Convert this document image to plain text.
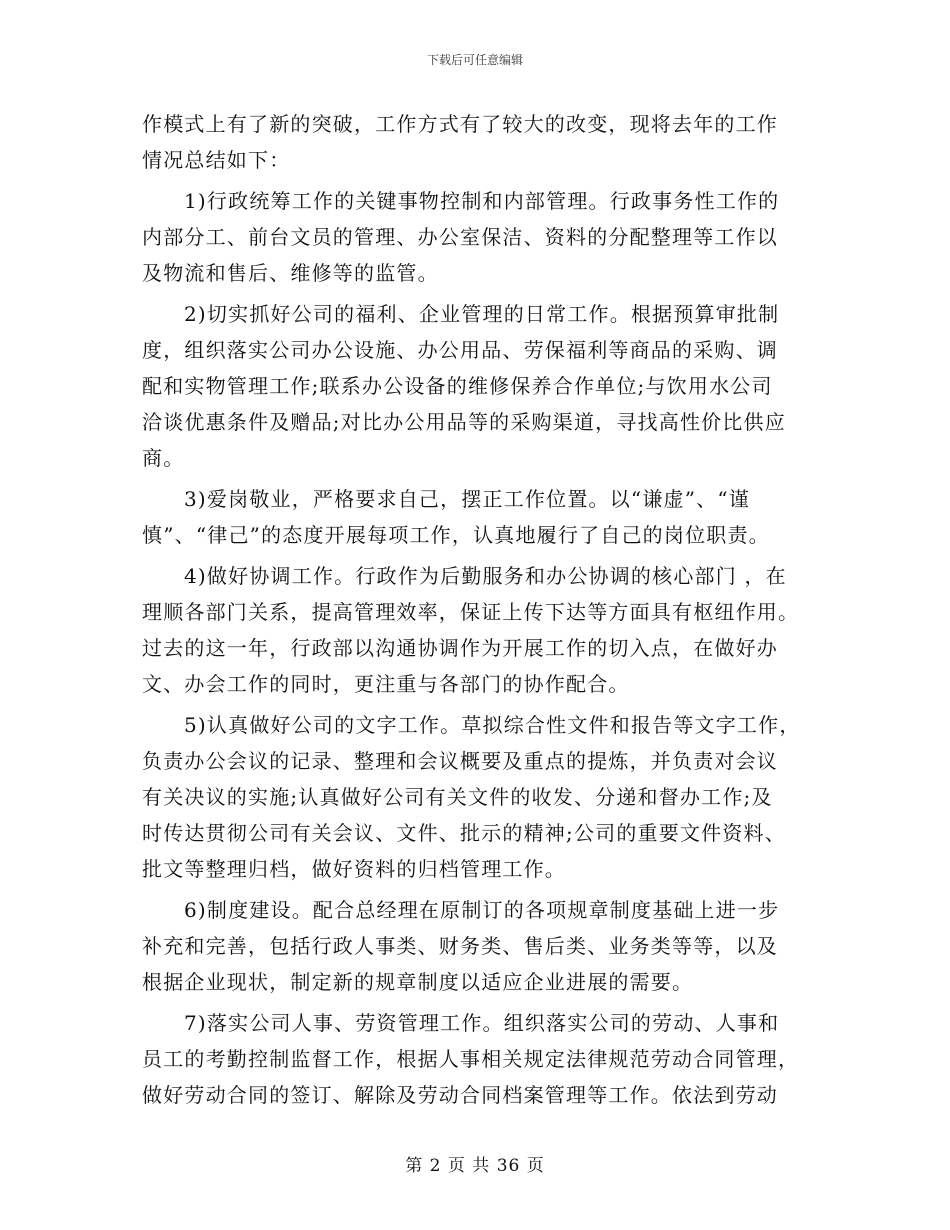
下载后可任意编辑
作模式上有了新的突破，工作方式有了较大的改变，现将去年的工作
情况总结如下：
1)行政统筹工作的关键事物控制和内部管理。行政事务性工作的
内部分工、前台文员的管理、办公室保洁、资料的分配整理等工作以
及物流和售后、维修等的监管。
2)切实抓好公司的福利、企业管理的日常工作。根据预算审批制
度，组织落实公司办公设施、办公用品、劳保福利等商品的采购、调
配和实物管理工作;联系办公设备的维修保养合作单位;与饮用水公司
洽谈优惠条件及赠品;对比办公用品等的采购渠道，寻找高性价比供应
商。
3)爱岗敬业，严格要求自己，摆正工作位置。以“谦虚”、“谨
慎”、“律己”的态度开展每项工作，认真地履行了自己的岗位职责。
4)做好协调工作。行政作为后勤服务和办公协调的核心部门 ，在
理顺各部门关系，提高管理效率，保证上传下达等方面具有枢纽作用。
过去的这一年，行政部以沟通协调作为开展工作的切入点，在做好办
文、办会工作的同时，更注重与各部门的协作配合。
5)认真做好公司的文字工作。草拟综合性文件和报告等文字工作，
负责办公会议的记录、整理和会议概要及重点的提炼，并负责对会议
有关决议的实施;认真做好公司有关文件的收发、分递和督办工作;及
时传达贯彻公司有关会议、文件、批示的精神;公司的重要文件资料、
批文等整理归档，做好资料的归档管理工作。
6)制度建设。配合总经理在原制订的各项规章制度基础上进一步
补充和完善，包括行政人事类、财务类、售后类、业务类等等，以及
根据企业现状，制定新的规章制度以适应企业进展的需要。
7)落实公司人事、劳资管理工作。组织落实公司的劳动、人事和
员工的考勤控制监督工作，根据人事相关规定法律规范劳动合同管理，
做好劳动合同的签订、解除及劳动合同档案管理等工作。依法到劳动
第 2 页 共 36 页
